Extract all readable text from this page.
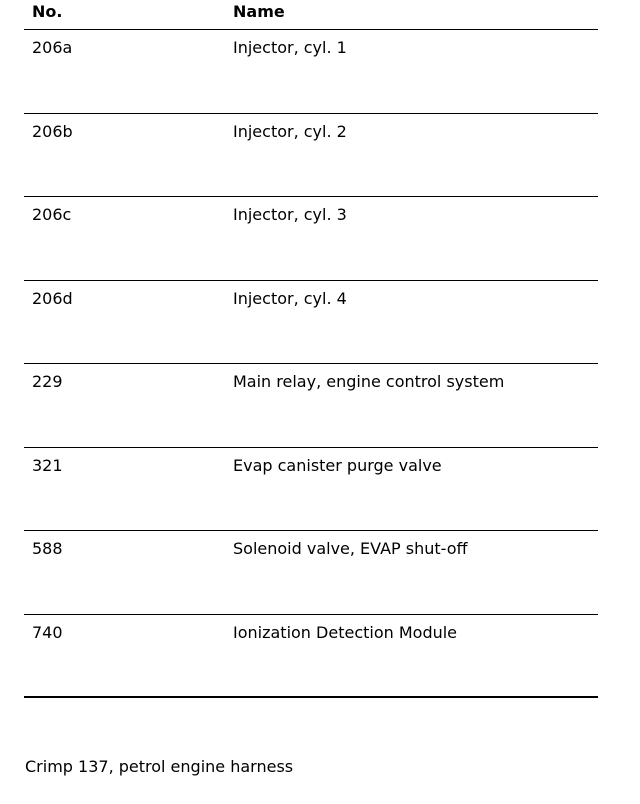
No.	Name
206a	Injector, cyl. 1
206b	Injector, cyl. 2
206c	Injector, cyl. 3
206d	Injector, cyl. 4
229	Main relay, engine control system
321	Evap canister purge valve
588	Solenoid valve, EVAP shut-off
740	Ionization Detection Module
Crimp 137, petrol engine harness
